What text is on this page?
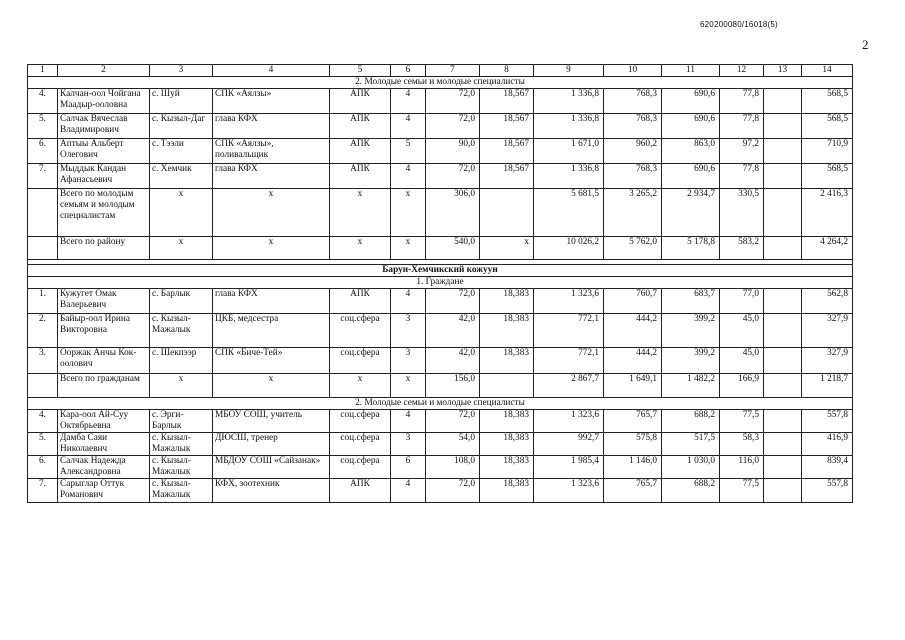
620200080/16018(5)
2
1	2	3	4	5	6	7	8	9	10	11	12	13	14
2. Молодые семьи и молодые специалисты													
4.	Калчан-оол Чойгана Маадыр-ооловна	с. Шуй	СПК «Аялзы»	АПК	4	72,0	18,567	1 336,8	768,3	690,6	77,8		568,5
5.	Салчак Вячеслав Владимирович	с. Кызыл-Даг	глава КФХ	АПК	4	72,0	18,567	1 336,8	768,3	690,6	77,8		568,5
6.	Аптыы Альберт Олегович	с. Тээли	СПК «Аялзы», поливальщик	АПК	5	90,0	18,567	1 671,0	960,2	863,0	97,2		710,9
7.	Мыддык Кандан Афанасьевич	с. Хемчик	глава КФХ	АПК	4	72,0	18,567	1 336,8	768,3	690,6	77,8		568,5
	Всего по молодым семьям и молодым специалистам	x	x	x	x	306,0		5 681,5	3 265,2	2 934,7	330,5		2 416,3
	Всего по району	x	x	x	x	540,0	x	10 026,2	5 762,0	5 178,8	583,2		4 264,2

Барун-Хемчикский кожуун													
1. Граждане													
1.	Кужугет Омак Валерьевич	с. Барлык	глава КФХ	АПК	4	72,0	18,383	1 323,6	760,7	683,7	77,0		562,8
2.	Байыр-оол Ирина Викторовна	с. Кызыл-Мажалык	ЦКБ, медсестра	соц.сфера	3	42,0	18,383	772,1	444,2	399,2	45,0		327,9
3.	Ооржак Анчы Кок-оолович	с. Шекпээр	СПК «Биче-Тей»	соц.сфера	3	42,0	18,383	772,1	444,2	399,2	45,0		327,9
	Всего по гражданам	x	x	x	x	156,0		2 867,7	1 649,1	1 482,2	166,9		1 218,7
2. Молодые семьи и молодые специалисты													
4.	Кара-оол Ай-Суу Октябрьевна	с. Эрги-Барлык	МБОУ СОШ, учитель	соц.сфера	4	72,0	18,383	1 323,6	765,7	688,2	77,5		557,8
5.	Дамба Саяи Николаевич	с. Кызыл-Мажалык	ДЮСШ, тренер	соц.сфера	3	54,0	18,383	992,7	575,8	517,5	58,3		416,9
6.	Салчак Надежда Александровна	с. Кызыл-Мажалык	МБДОУ СОШ «Сайзанак»	соц.сфера	6	108,0	18,383	1 985,4	1 146,0	1 030,0	116,0		839,4
7.	Сарыглар Оттук Романович	с. Кызыл-Мажалык	КФХ, зоотехник	АПК	4	72,0	18,383	1 323,6	765,7	688,2	77,5		557,8
